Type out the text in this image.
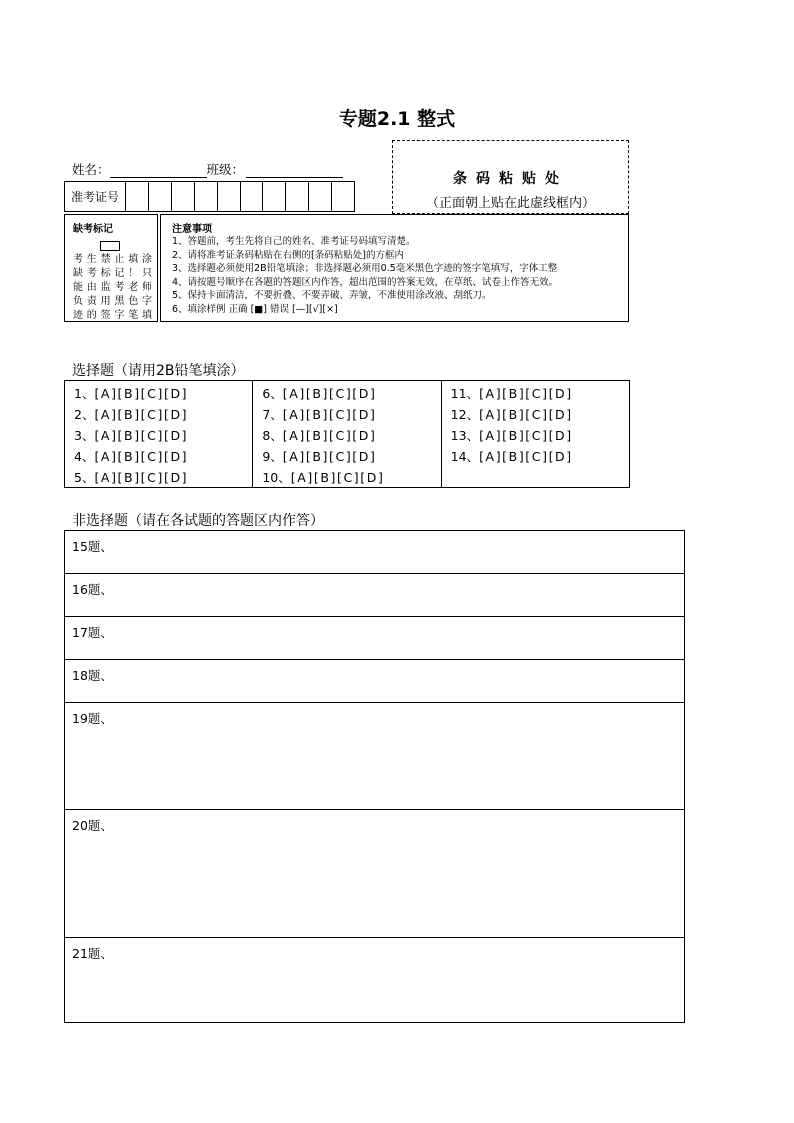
专题2.1 整式
姓名：	班级：
准考证号
条码粘贴处
（正面朝上贴在此虚线框内）
缺考标记
考生禁止填涂
缺考标记！只
能由监考老师
负责用黑色字
迹的签字笔填
注意事项
1、答题前，考生先将自己的姓名、准考证号码填写清楚。
2、请将准考证条码粘贴在右侧的[条码粘贴处]的方框内
3、选择题必须使用2B铅笔填涂；非选择题必须用0.5毫米黑色字迹的签字笔填写，字体工整
4、请按题号顺序在各题的答题区内作答，超出范围的答案无效，在草纸、试卷上作答无效。
5、保持卡面清洁，不要折叠、不要弄破、弄皱，不准使用涂改液、刮纸刀。
6、填涂样例 正确 [■] 错误 [—][√][×]
选择题（请用2B铅笔填涂）
1、[A][B][C][D]
2、[A][B][C][D]
3、[A][B][C][D]
4、[A][B][C][D]
5、[A][B][C][D]
6、[A][B][C][D]
7、[A][B][C][D]
8、[A][B][C][D]
9、[A][B][C][D]
10、[A][B][C][D]
11、[A][B][C][D]
12、[A][B][C][D]
13、[A][B][C][D]
14、[A][B][C][D]
非选择题（请在各试题的答题区内作答）
15题、
16题、
17题、
18题、
19题、
20题、
21题、
